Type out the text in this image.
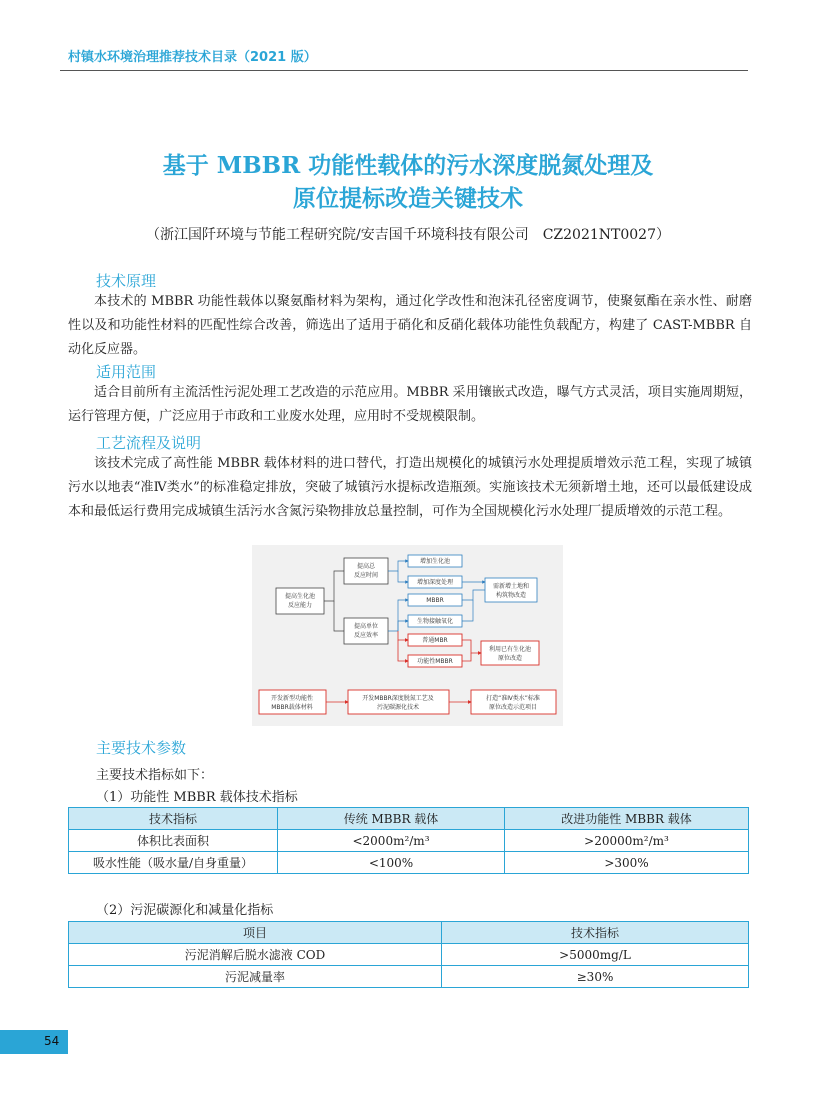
村镇水环境治理推荐技术目录（2021 版）
基于 MBBR 功能性载体的污水深度脱氮处理及
原位提标改造关键技术
（浙江国阡环境与节能工程研究院/安吉国千环境科技有限公司　CZ2021NT0027）
技术原理
本技术的 MBBR 功能性载体以聚氨酯材料为架构，通过化学改性和泡沫孔径密度调节，使聚氨酯在亲水性、耐磨性以及和功能性材料的匹配性综合改善，筛选出了适用于硝化和反硝化载体功能性负载配方，构建了 CAST-MBBR 自动化反应器。
适用范围
适合目前所有主流活性污泥处理工艺改造的示范应用。MBBR 采用镶嵌式改造，曝气方式灵活，项目实施周期短，运行管理方便，广泛应用于市政和工业废水处理，应用时不受规模限制。
工艺流程及说明
该技术完成了高性能 MBBR 载体材料的进口替代，打造出规模化的城镇污水处理提质增效示范工程，实现了城镇污水以地表“准Ⅳ类水”的标准稳定排放，突破了城镇污水提标改造瓶颈。实施该技术无须新增土地，还可以最低建设成本和最低运行费用完成城镇生活污水含氮污染物排放总量控制，可作为全国规模化污水处理厂提质增效的示范工程。
提高生化池反应能力
提高总反应时间
提高单位反应效率
增加生化池
增加深度处理
MBBR
生物接触氧化
普通MBR
功能性MBBR
需新增土地和构筑物改造
利用已有生化池原位改造
开发新型功能性 MBBR载体材料
开发MBBR深度脱氮工艺及污泥碳源化技术
打造“准Ⅳ类水”标准原位改造示范项目
主要技术参数
主要技术指标如下：
（1）功能性 MBBR 载体技术指标
技术指标	传统 MBBR 载体	改进功能性 MBBR 载体
体积比表面积	<2000m²/m³	>20000m²/m³
吸水性能（吸水量/自身重量）	<100%	>300%
（2）污泥碳源化和减量化指标
项目	技术指标
污泥消解后脱水滤液 COD	>5000mg/L
污泥减量率	≥30%
54
